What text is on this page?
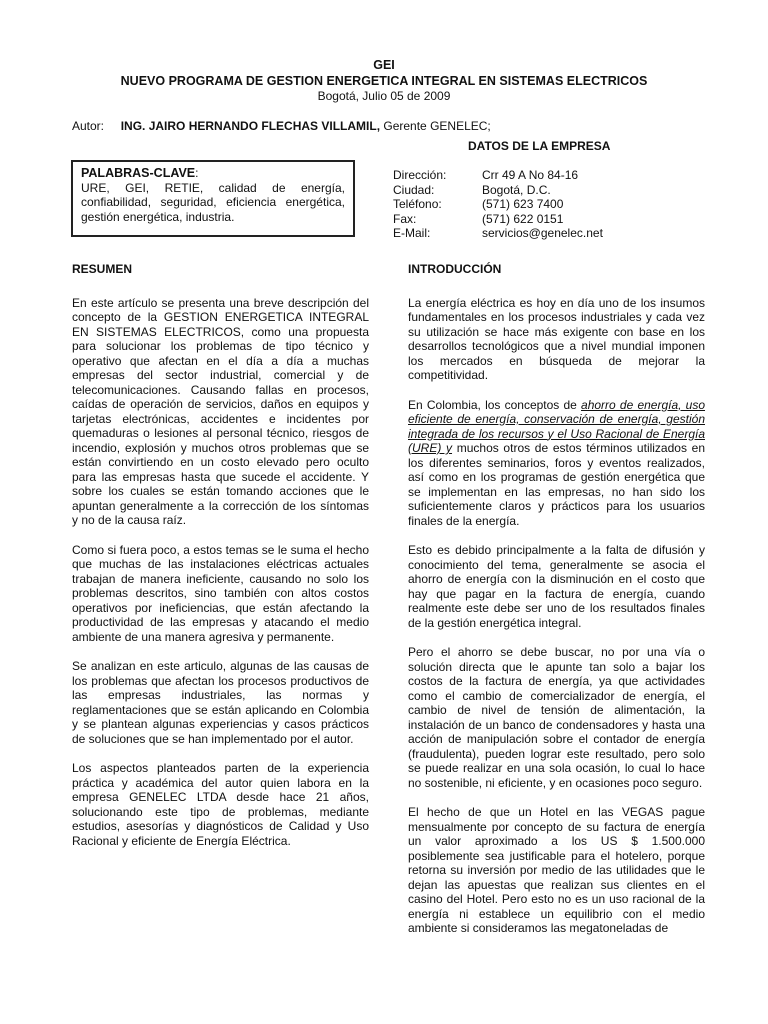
GEI
NUEVO PROGRAMA DE GESTION ENERGETICA INTEGRAL EN SISTEMAS ELECTRICOS
Bogotá, Julio 05 de 2009
Autor: ING. JAIRO HERNANDO FLECHAS VILLAMIL, Gerente GENELEC;
DATOS DE LA EMPRESA
PALABRAS-CLAVE:
URE, GEI, RETIE, calidad de energía, confiabilidad, seguridad, eficiencia energética, gestión energética, industria.
Dirección:	Crr 49 A No 84-16
Ciudad:	Bogotá, D.C.
Teléfono:	(571) 623 7400
Fax:	(571) 622 0151
E-Mail:	servicios@genelec.net
RESUMEN

En este artículo se presenta una breve descripción del concepto de la GESTION ENERGETICA INTEGRAL EN SISTEMAS ELECTRICOS, como una propuesta para solucionar los problemas de tipo técnico y operativo que afectan en el día a día a muchas empresas del sector industrial, comercial y de telecomunicaciones. Causando fallas en procesos, caídas de operación de servicios, daños en equipos y tarjetas electrónicas, accidentes e incidentes por quemaduras o lesiones al personal técnico, riesgos de incendio, explosión y muchos otros problemas que se están convirtiendo en un costo elevado pero oculto para las empresas hasta que sucede el accidente. Y sobre los cuales se están tomando acciones que le apuntan generalmente a la corrección de los síntomas y no de la causa raíz.

Como si fuera poco, a estos temas se le suma el hecho que muchas de las instalaciones eléctricas actuales trabajan de manera ineficiente, causando no solo los problemas descritos, sino también con altos costos operativos por ineficiencias, que están afectando la productividad de las empresas y atacando el medio ambiente de una manera agresiva y permanente.

Se analizan en este articulo, algunas de las causas de los problemas que afectan los procesos productivos de las empresas industriales, las normas y reglamentaciones que se están aplicando en Colombia y se plantean algunas experiencias y casos prácticos de soluciones que se han implementado por el autor.

Los aspectos planteados parten de la experiencia práctica y académica del autor quien labora en la empresa GENELEC LTDA desde hace 21 años, solucionando este tipo de problemas, mediante estudios, asesorías y diagnósticos de Calidad y Uso Racional y eficiente de Energía Eléctrica.

INTRODUCCIÓN

La energía eléctrica es hoy en día uno de los insumos fundamentales en los procesos industriales y cada vez su utilización se hace más exigente con base en los desarrollos tecnológicos que a nivel mundial imponen los mercados en búsqueda de mejorar la competitividad.

En Colombia, los conceptos de ahorro de energía, uso eficiente de energía, conservación de energía, gestión integrada de los recursos y el Uso Racional de Energía (URE) y muchos otros de estos términos utilizados en los diferentes seminarios, foros y eventos realizados, así como en los programas de gestión energética que se implementan en las empresas, no han sido los suficientemente claros y prácticos para los usuarios finales de la energía.

Esto es debido principalmente a la falta de difusión y conocimiento del tema, generalmente se asocia el ahorro de energía con la disminución en el costo que hay que pagar en la factura de energía, cuando realmente este debe ser uno de los resultados finales de la gestión energética integral.

Pero el ahorro se debe buscar, no por una vía o solución directa que le apunte tan solo a bajar los costos de la factura de energía, ya que actividades como el cambio de comercializador de energía, el cambio de nivel de tensión de alimentación, la instalación de un banco de condensadores y hasta una acción de manipulación sobre el contador de energía (fraudulenta), pueden lograr este resultado, pero solo se puede realizar en una sola ocasión, lo cual lo hace no sostenible, ni eficiente, y en ocasiones poco seguro.

El hecho de que un Hotel en las VEGAS pague mensualmente por concepto de su factura de energía un valor aproximado a los US $ 1.500.000 posiblemente sea justificable para el hotelero, porque retorna su inversión por medio de las utilidades que le dejan las apuestas que realizan sus clientes en el casino del Hotel. Pero esto no es un uso racional de la energía ni establece un equilibrio con el medio ambiente si consideramos las megatoneladas de
